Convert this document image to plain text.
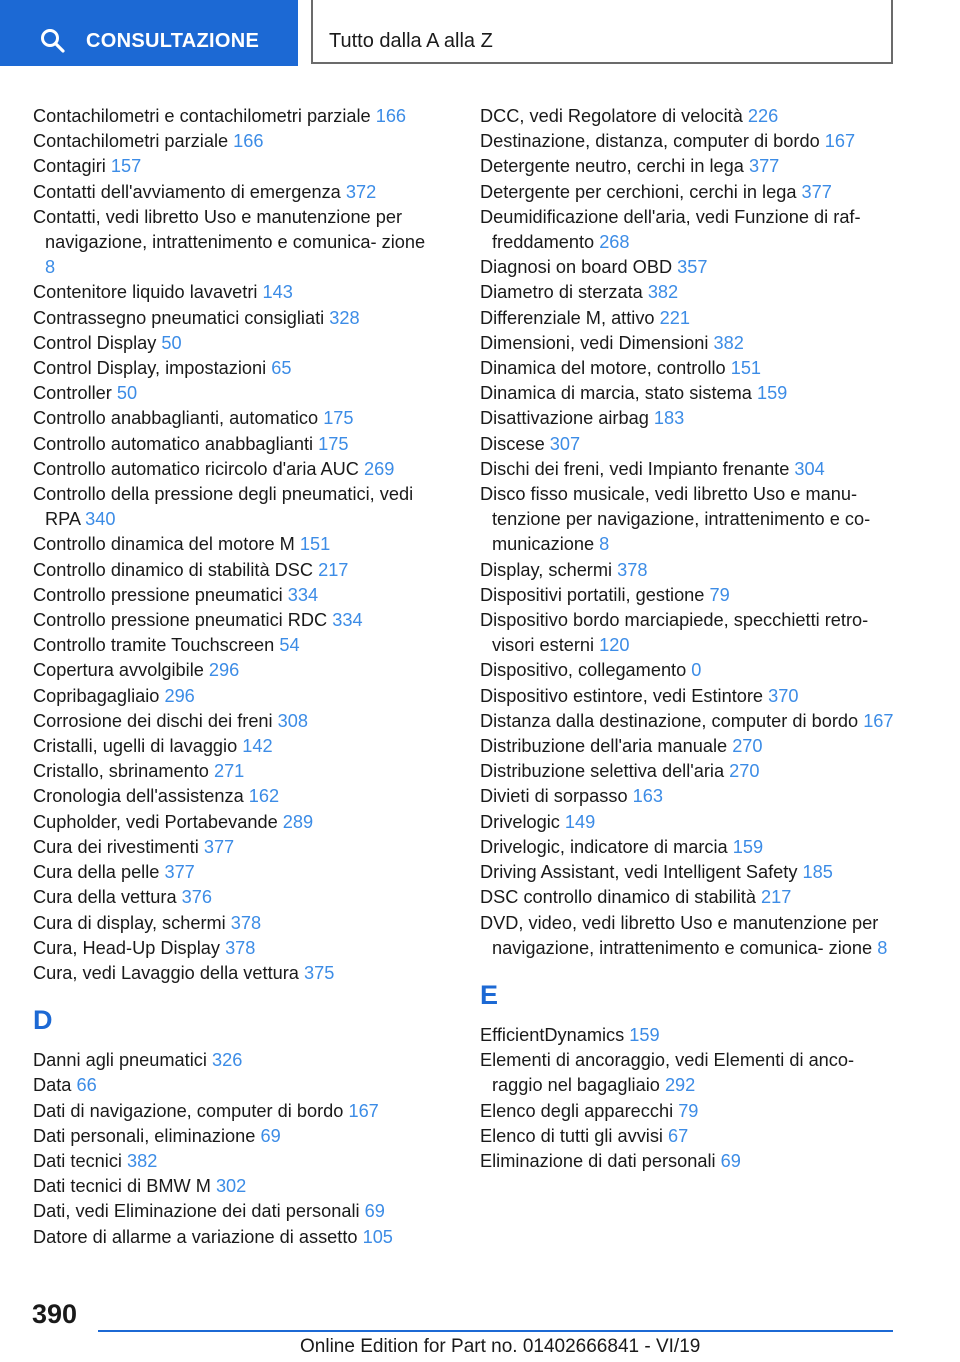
CONSULTAZIONE	Tutto dalla A alla Z

Contachilometri e contachilometri parziale 166

Contachilometri parziale 166

Contagiri 157

Contatti dell'avviamento di emergenza 372

Contatti, vedi libretto Uso e manutenzione per navigazione, intrattenimento e comunica- zione 8

Contenitore liquido lavavetri 143

Contrassegno pneumatici consigliati 328

Control Display 50

Control Display, impostazioni 65

Controller 50

Controllo anabbaglianti, automatico 175

Controllo automatico anabbaglianti 175

Controllo automatico ricircolo d'aria AUC 269

Controllo della pressione degli pneumatici, vedi RPA 340

Controllo dinamica del motore M 151

Controllo dinamico di stabilità DSC 217

Controllo pressione pneumatici 334

Controllo pressione pneumatici RDC 334

Controllo tramite Touchscreen 54

Copertura avvolgibile 296

Copribagagliaio 296

Corrosione dei dischi dei freni 308

Cristalli, ugelli di lavaggio 142

Cristallo, sbrinamento 271

Cronologia dell'assistenza 162

Cupholder, vedi Portabevande 289

Cura dei rivestimenti 377

Cura della pelle 377

Cura della vettura 376

Cura di display, schermi 378

Cura, Head-Up Display 378

Cura, vedi Lavaggio della vettura 375

D

Danni agli pneumatici 326

Data 66

Dati di navigazione, computer di bordo 167

Dati personali, eliminazione 69

Dati tecnici 382

Dati tecnici di BMW M 302

Dati, vedi Eliminazione dei dati personali 69

Datore di allarme a variazione di assetto 105

DCC, vedi Regolatore di velocità 226

Destinazione, distanza, computer di bordo 167

Detergente neutro, cerchi in lega 377

Detergente per cerchioni, cerchi in lega 377

Deumidificazione dell'aria, vedi Funzione di raf- freddamento 268

Diagnosi on board OBD 357

Diametro di sterzata 382

Differenziale M, attivo 221

Dimensioni, vedi Dimensioni 382

Dinamica del motore, controllo 151

Dinamica di marcia, stato sistema 159

Disattivazione airbag 183

Discese 307

Dischi dei freni, vedi Impianto frenante 304

Disco fisso musicale, vedi libretto Uso e manu- tenzione per navigazione, intrattenimento e co- municazione 8

Display, schermi 378

Dispositivi portatili, gestione 79

Dispositivo bordo marciapiede, specchietti retro- visori esterni 120

Dispositivo, collegamento 0

Dispositivo estintore, vedi Estintore 370

Distanza dalla destinazione, computer di bordo 167

Distribuzione dell'aria manuale 270

Distribuzione selettiva dell'aria 270

Divieti di sorpasso 163

Drivelogic 149

Drivelogic, indicatore di marcia 159

Driving Assistant, vedi Intelligent Safety 185

DSC controllo dinamico di stabilità 217

DVD, video, vedi libretto Uso e manutenzione per navigazione, intrattenimento e comunica- zione 8

E

EfficientDynamics 159

Elementi di ancoraggio, vedi Elementi di anco- raggio nel bagagliaio 292

Elenco degli apparecchi 79

Elenco di tutti gli avvisi 67

Eliminazione di dati personali 69

390
Online Edition for Part no. 01402666841 - VI/19
